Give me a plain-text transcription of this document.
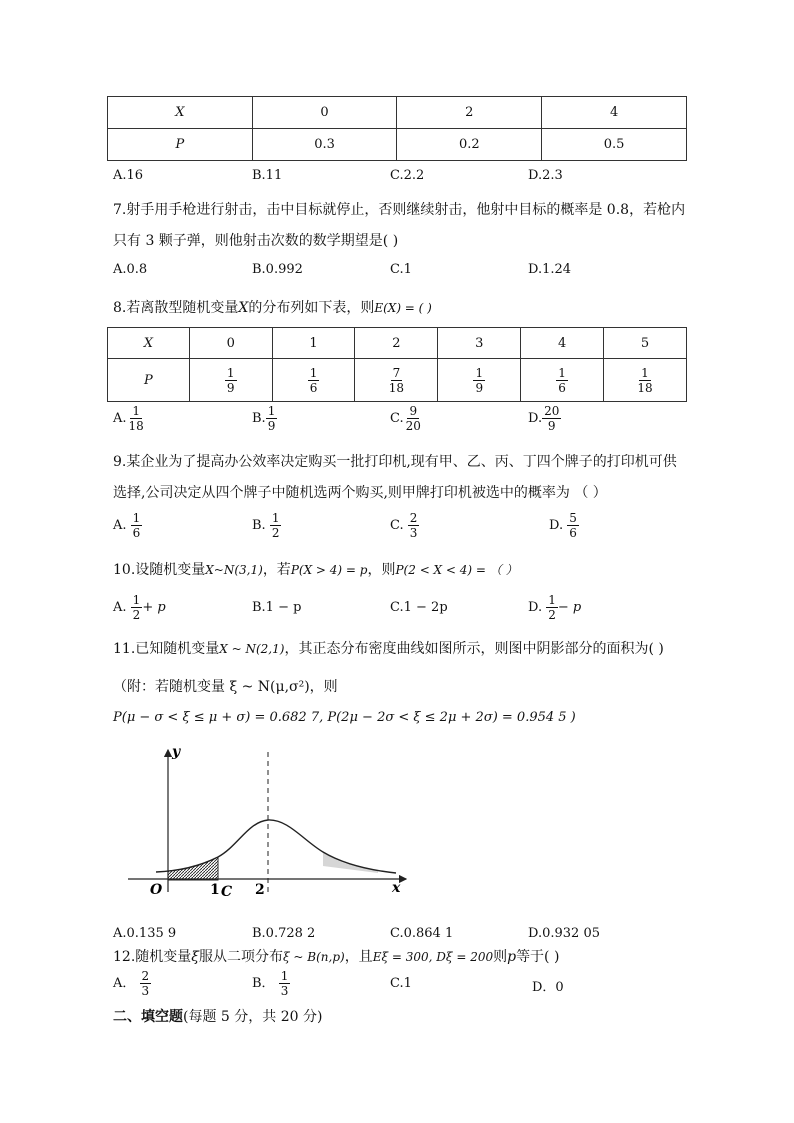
X	0	2	4
P	0.3	0.2	0.5
A.16	B.11	C.2.2	D.2.3
7.射手用手枪进行射击，击中目标就停止，否则继续射击，他射中目标的概率是 0.8，若枪内
只有 3 颗子弹，则他射击次数的数学期望是( )
A.0.8	B.0.992	C.1	D.1.24
8.若离散型随机变量X的分布列如下表，则E(X) = ( )
X	0	1	2	3	4	5
P	$\frac{1}{9}$	$\frac{1}{6}$	$\frac{7}{18}$	$\frac{1}{9}$	$\frac{1}{6}$	$\frac{1}{18}$
A. $\frac{1}{18}$	B. $\frac{1}{9}$	C. $\frac{9}{20}$	D. $\frac{20}{9}$
9.某企业为了提高办公效率决定购买一批打印机,现有甲、乙、丙、丁四个牌子的打印机可供
选择,公司决定从四个牌子中随机选两个购买,则甲牌打印机被选中的概率为 （ ）
A. $\frac{1}{6}$	B. $\frac{1}{2}$	C. $\frac{2}{3}$	D. $\frac{5}{6}$
10.设随机变量X~N(3,1)，若P(X > 4) = p，则P(2 < X < 4) = （ ）
A. $\frac{1}{2} + p$	B.1 − p	C.1 − 2p	D. $\frac{1}{2} - p$
11.已知随机变量X ~ N(2,1)，其正态分布密度曲线如图所示，则图中阴影部分的面积为( )
（附：若随机变量 ξ ~ N(μ,σ²)，则
P(μ − σ < ξ ≤ μ + σ) = 0.682 7, P(2μ − 2σ < ξ ≤ 2μ + 2σ) = 0.954 5 )
y
x
O	1 C 2
A.0.135 9	B.0.728 2	C.0.864 1	D.0.932 05
12.随机变量ξ服从二项分布ξ ~ B(n,p)，且Eξ = 300, Dξ = 200则p等于( )
A． $\frac{2}{3}$	B． $\frac{1}{3}$	C.1	D．0
二、填空题(每题 5 分，共 20 分)
